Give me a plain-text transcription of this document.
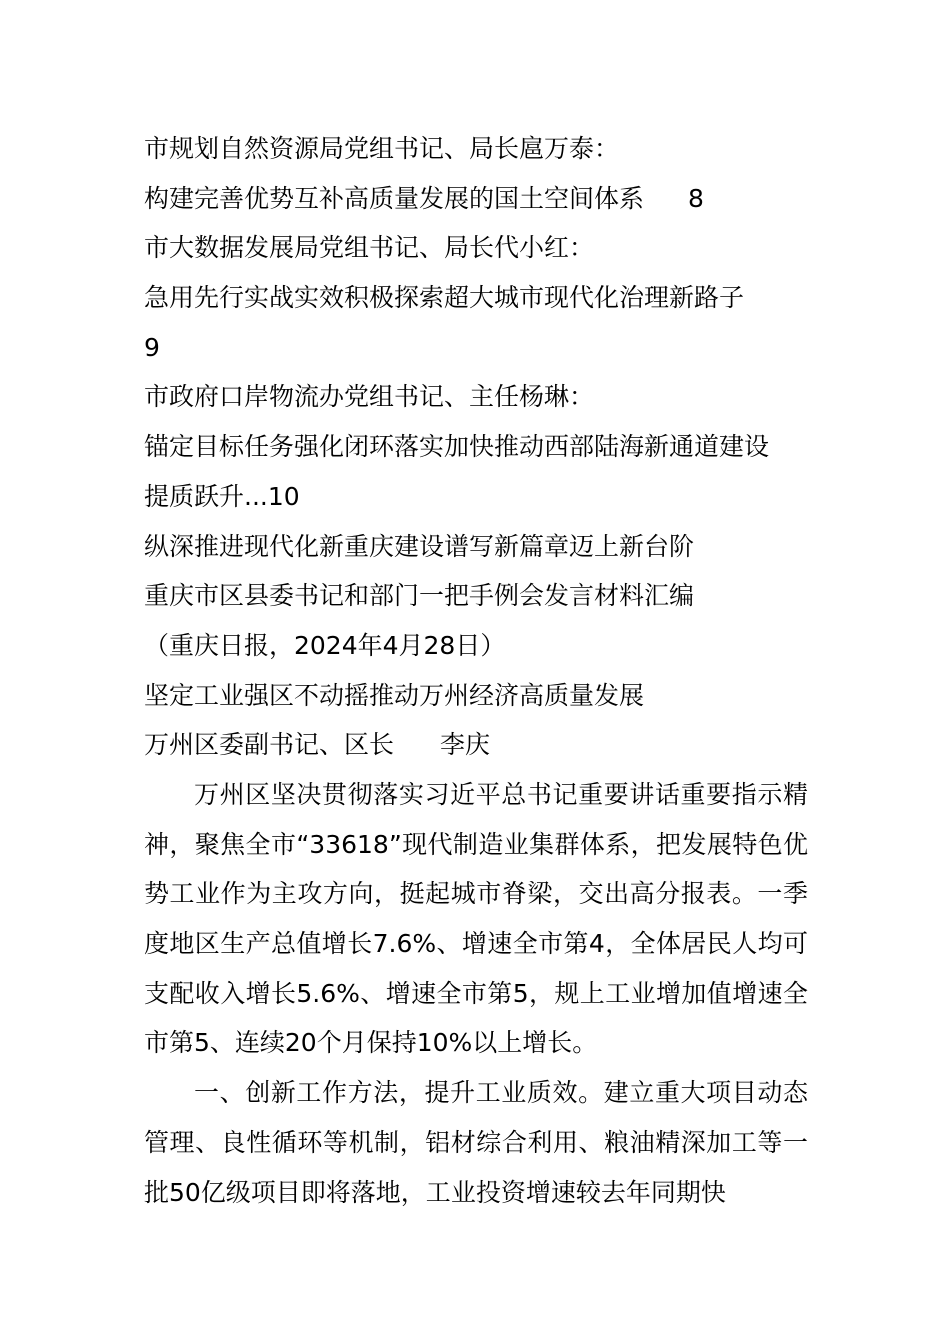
市规划自然资源局党组书记、局长扈万泰：
构建完善优势互补高质量发展的国土空间体系 8
市大数据发展局党组书记、局长代小红：
急用先行实战实效积极探索超大城市现代化治理新路子
9
市政府口岸物流办党组书记、主任杨琳：
锚定目标任务强化闭环落实加快推动西部陆海新通道建设
提质跃升...10
纵深推进现代化新重庆建设谱写新篇章迈上新台阶
重庆市区县委书记和部门一把手例会发言材料汇编
（重庆日报，2024年4月28日）
坚定工业强区不动摇推动万州经济高质量发展
万州区委副书记、区长 李庆

万州区坚决贯彻落实习近平总书记重要讲话重要指示精神，聚焦全市“33618”现代制造业集群体系，把发展特色优势工业作为主攻方向，挺起城市脊梁，交出高分报表。一季度地区生产总值增长7.6%、增速全市第4，全体居民人均可支配收入增长5.6%、增速全市第5，规上工业增加值增速全市第5、连续20个月保持10%以上增长。

一、创新工作方法，提升工业质效。建立重大项目动态管理、良性循环等机制，铝材综合利用、粮油精深加工等一批50亿级项目即将落地，工业投资增速较去年同期快
